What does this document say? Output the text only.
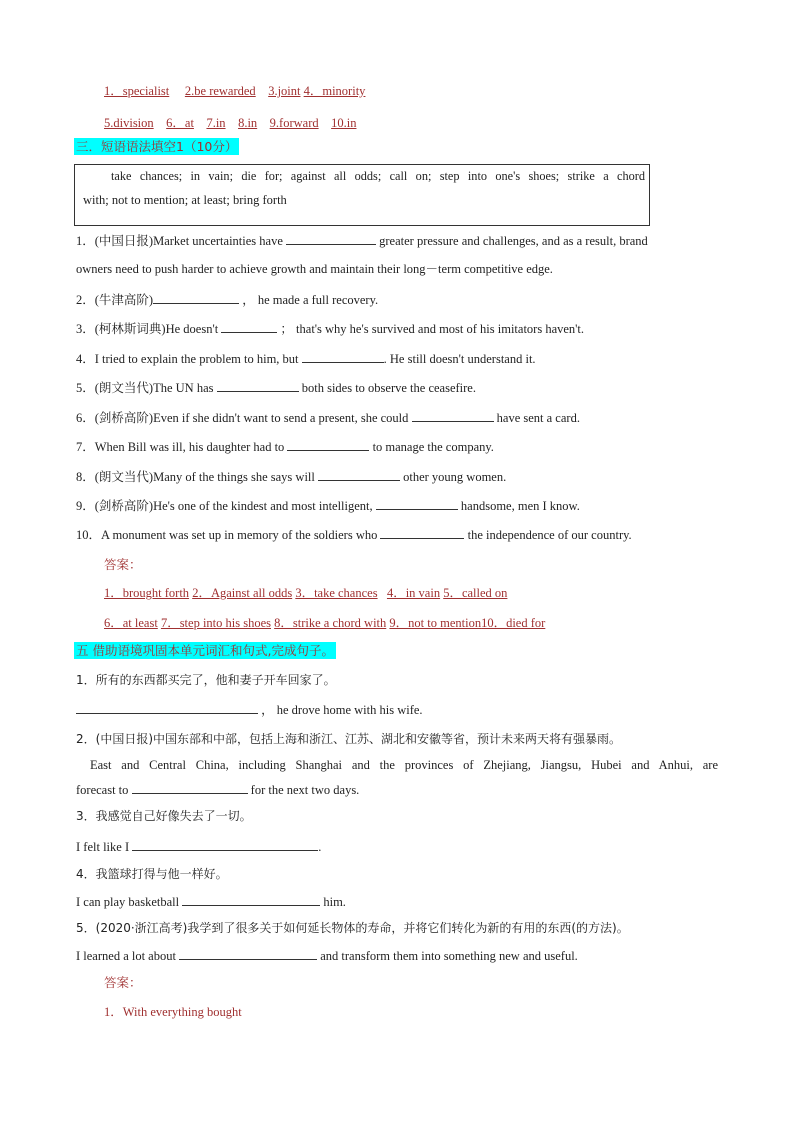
1．specialist 2.be rewarded 3.joint 4．minority
5.division 6．at 7.in 8.in 9.forward 10.in
三．短语语法填空1（10分）
take chances; in vain; die for; against all odds; call on; step into one's shoes; strike a chord
with; not to mention; at least; bring forth
1．(中国日报)Market uncertainties have	greater pressure and challenges, and as a result, brand
owners need to push harder to achieve growth and maintain their long－term competitive edge.
2．(牛津高阶)	， he made a full recovery.
3．(柯林斯词典)He doesn't	； that's why he's survived and most of his imitators haven't.
4．I tried to explain the problem to him, but	. He still doesn't understand it.
5．(朗文当代)The UN has	both sides to observe the ceasefire.
6．(剑桥高阶)Even if she didn't want to send a present, she could	have sent a card.
7．When Bill was ill, his daughter had to	to manage the company.
8．(朗文当代)Many of the things she says will	other young women.
9．(剑桥高阶)He's one of the kindest and most intelligent,	handsome, men I know.
10．A monument was set up in memory of the soldiers who	the independence of our country.
答案：
1．brought forth 2．Against all odds 3．take chances 4．in vain 5．called on
6．at least 7．step into his shoes 8．strike a chord with 9．not to mention10．died for
五 借助语境巩固本单元词汇和句式,完成句子。
1．所有的东西都买完了，他和妻子开车回家了。
， he drove home with his wife.
2．(中国日报)中国东部和中部，包括上海和浙江、江苏、湖北和安徽等省，预计未来两天将有强暴雨。
East and Central China, including Shanghai and the provinces of Zhejiang, Jiangsu, Hubei and Anhui, are
forecast to	for the next two days.
3．我感觉自己好像失去了一切。
I felt like I	.
4．我篮球打得与他一样好。
I can play basketball	him.
5．(2020·浙江高考)我学到了很多关于如何延长物体的寿命，并将它们转化为新的有用的东西(的方法)。
I learned a lot about	and transform them into something new and useful.
答案：
1．With everything bought
